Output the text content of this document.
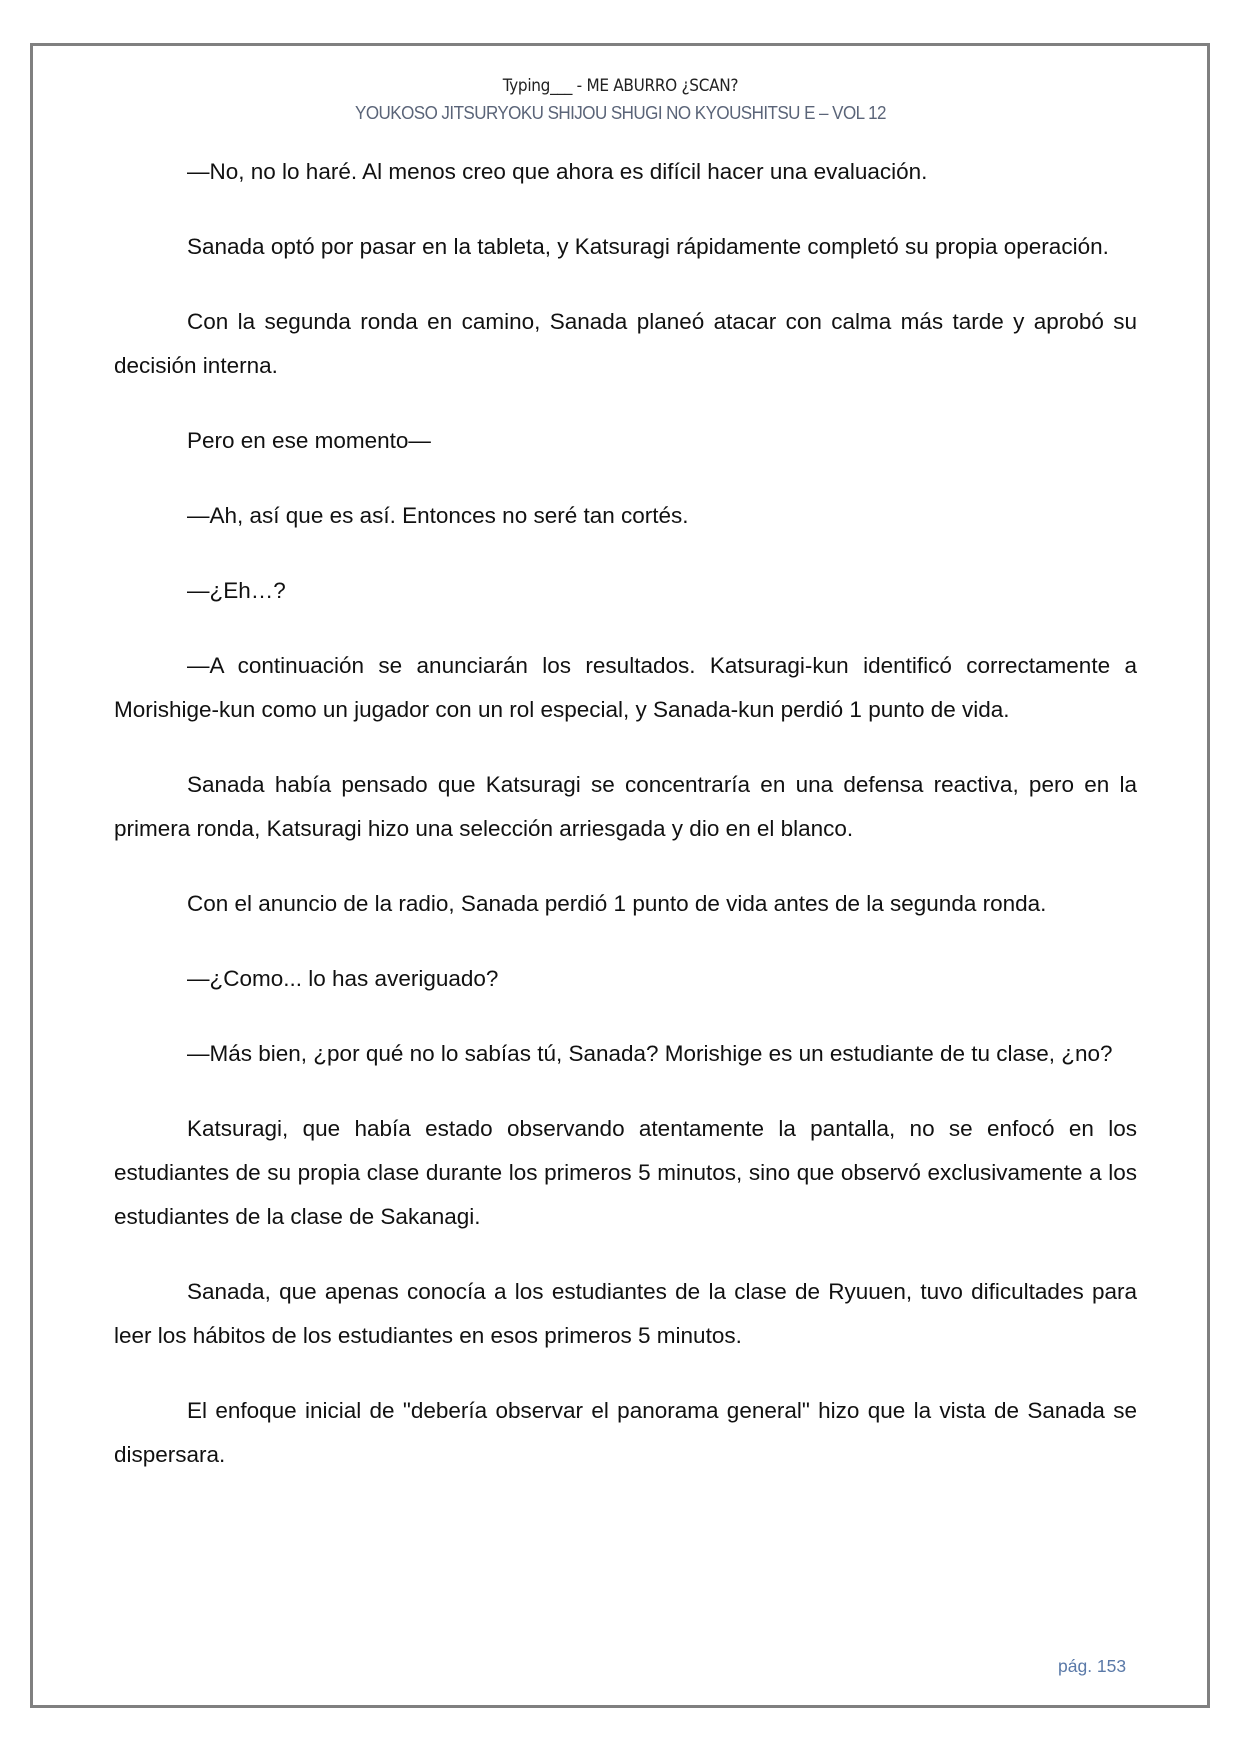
Typing___ - ME ABURRO ¿SCAN?
YOUKOSO JITSURYOKU SHIJOU SHUGI NO KYOUSHITSU E – VOL 12

—No, no lo haré. Al menos creo que ahora es difícil hacer una evaluación.

Sanada optó por pasar en la tableta, y Katsuragi rápidamente completó su propia operación.

Con la segunda ronda en camino, Sanada planeó atacar con calma más tarde y aprobó su decisión interna.

Pero en ese momento—

—Ah, así que es así. Entonces no seré tan cortés.

—¿Eh…?

—A continuación se anunciarán los resultados. Katsuragi-kun identificó correctamente a Morishige-kun como un jugador con un rol especial, y Sanada-kun perdió 1 punto de vida.

Sanada había pensado que Katsuragi se concentraría en una defensa reactiva, pero en la primera ronda, Katsuragi hizo una selección arriesgada y dio en el blanco.

Con el anuncio de la radio, Sanada perdió 1 punto de vida antes de la segunda ronda.

—¿Como... lo has averiguado?

—Más bien, ¿por qué no lo sabías tú, Sanada? Morishige es un estudiante de tu clase, ¿no?

Katsuragi, que había estado observando atentamente la pantalla, no se enfocó en los estudiantes de su propia clase durante los primeros 5 minutos, sino que observó exclusivamente a los estudiantes de la clase de Sakanagi.

Sanada, que apenas conocía a los estudiantes de la clase de Ryuuen, tuvo dificultades para leer los hábitos de los estudiantes en esos primeros 5 minutos.

El enfoque inicial de "debería observar el panorama general" hizo que la vista de Sanada se dispersara.

pág. 153
